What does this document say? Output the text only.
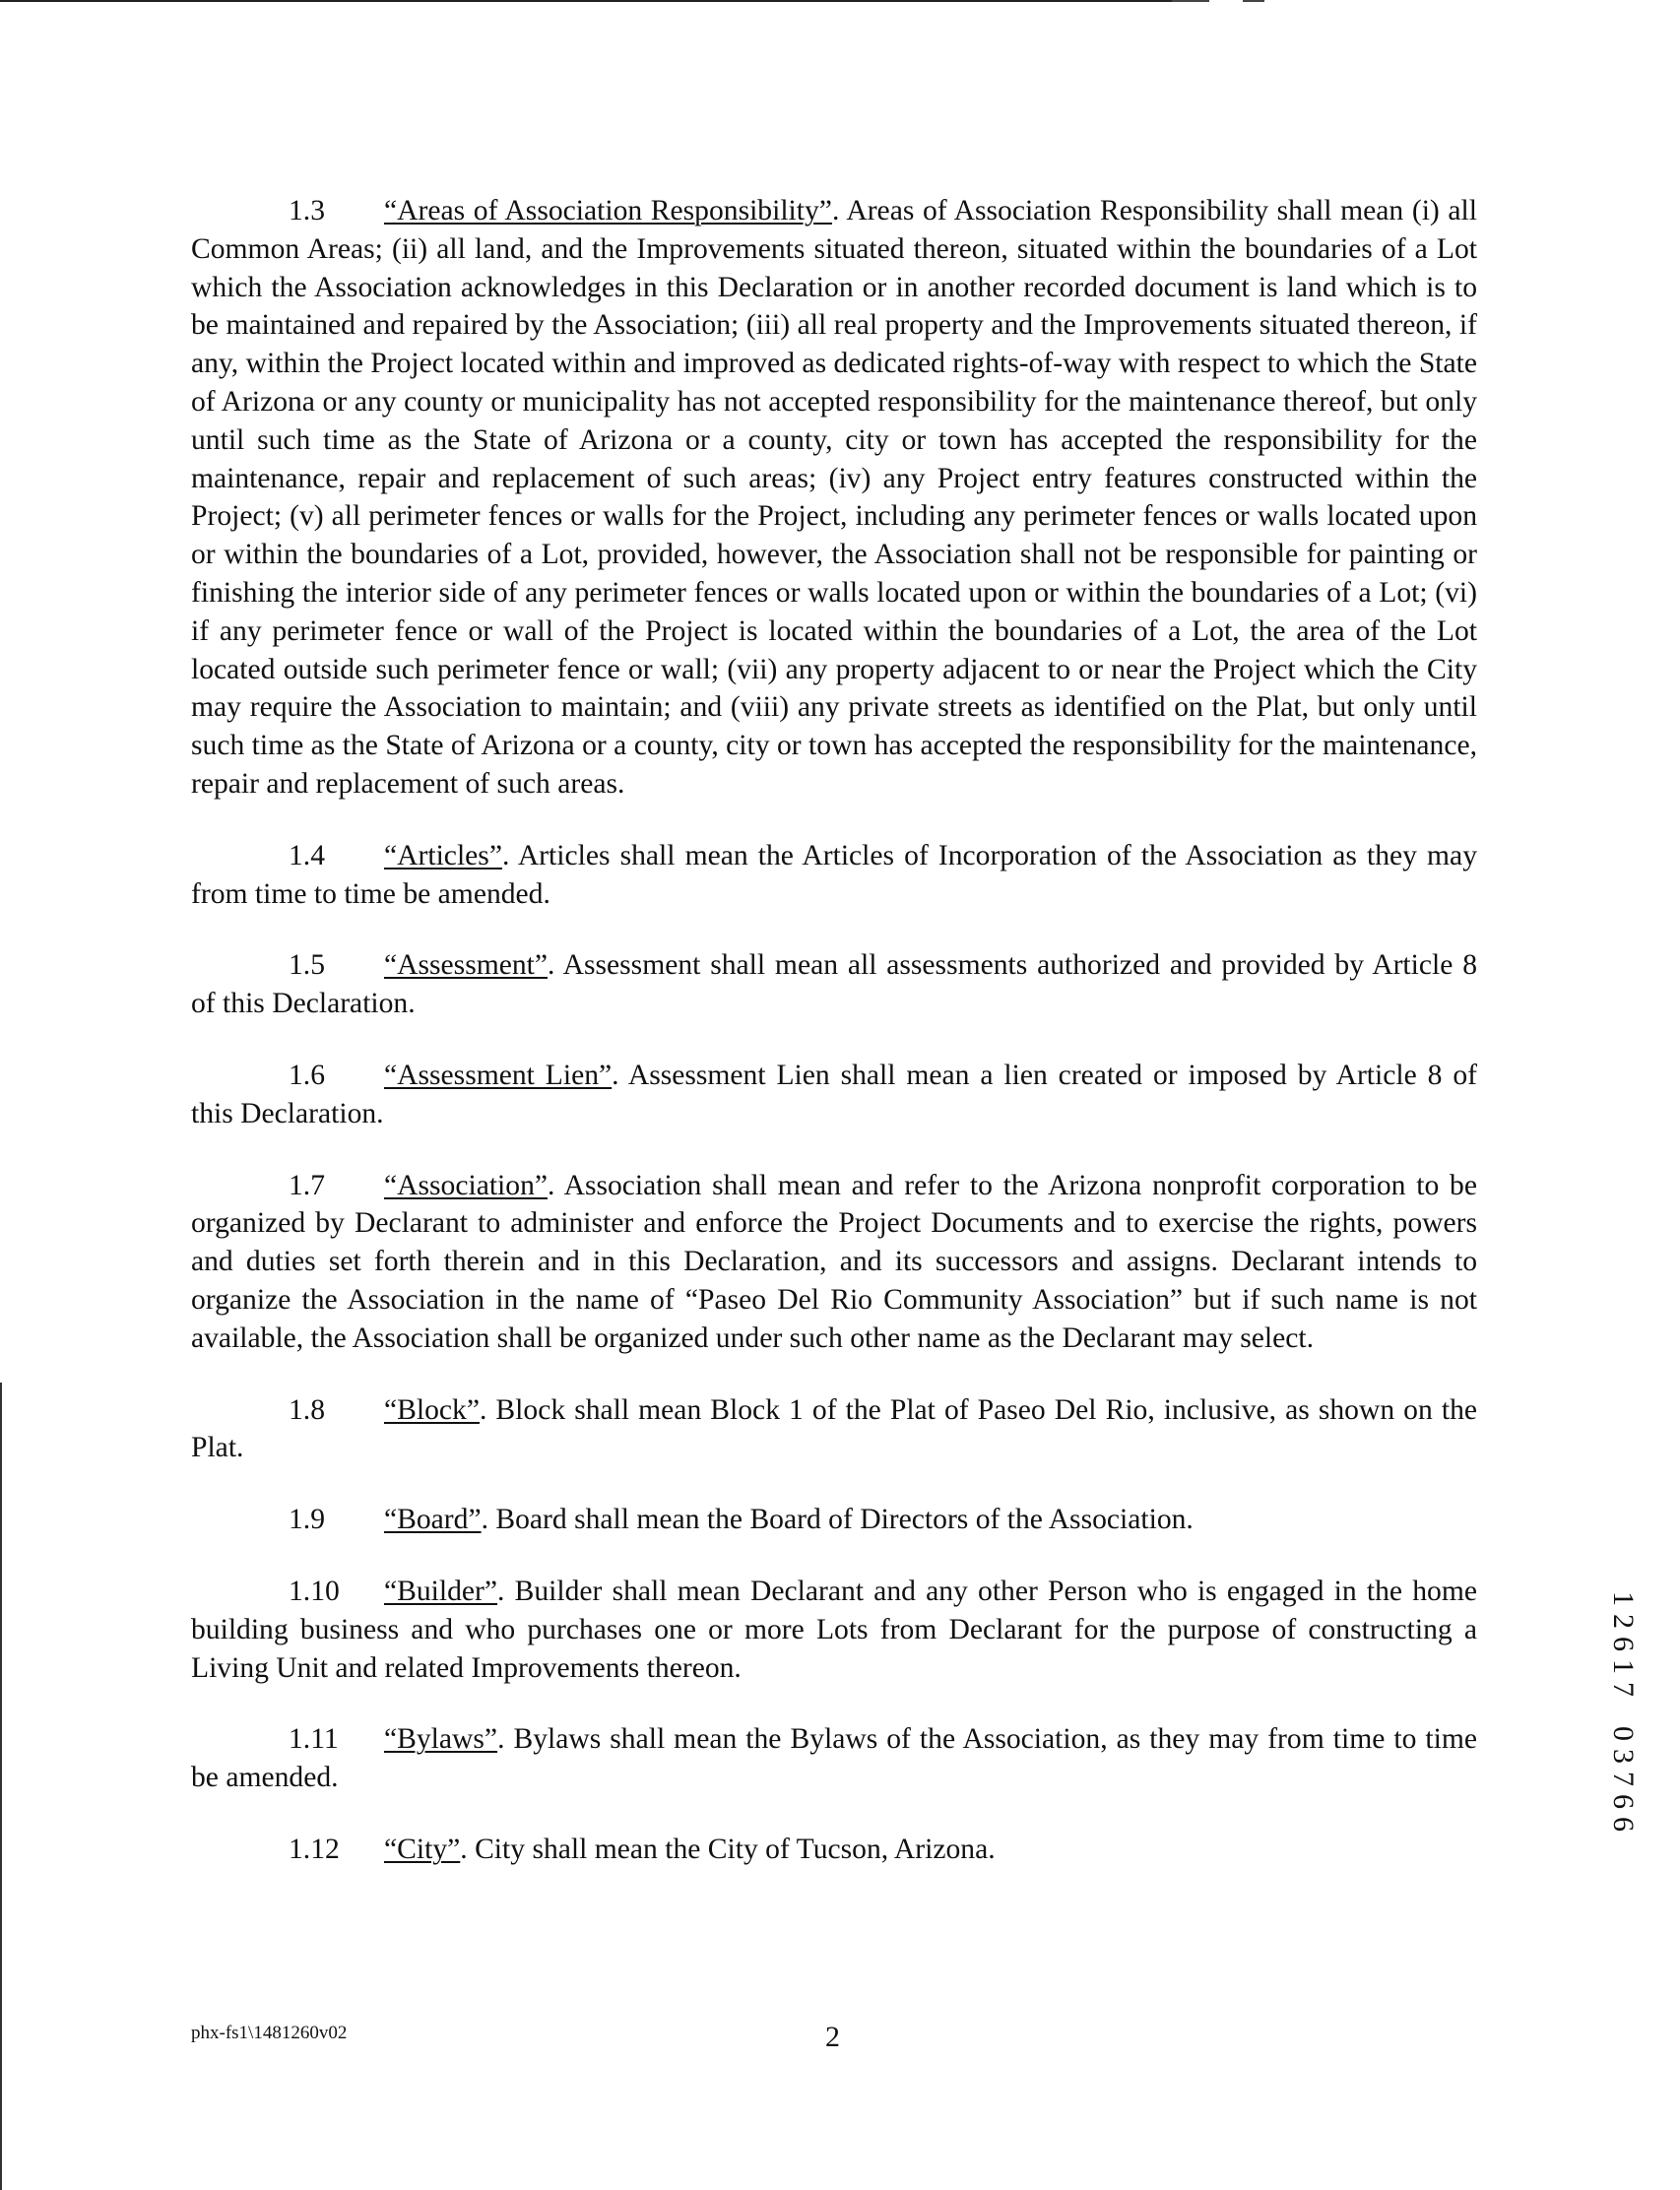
1.3 “Areas of Association Responsibility”. Areas of Association Responsibility shall mean (i) all Common Areas; (ii) all land, and the Improvements situated thereon, situated within the boundaries of a Lot which the Association acknowledges in this Declaration or in another recorded document is land which is to be maintained and repaired by the Association; (iii) all real property and the Improvements situated thereon, if any, within the Project located within and improved as dedicated rights-of-way with respect to which the State of Arizona or any county or municipality has not accepted responsibility for the maintenance thereof, but only until such time as the State of Arizona or a county, city or town has accepted the responsibility for the maintenance, repair and replacement of such areas; (iv) any Project entry features constructed within the Project; (v) all perimeter fences or walls for the Project, including any perimeter fences or walls located upon or within the boundaries of a Lot, provided, however, the Association shall not be responsible for painting or finishing the interior side of any perimeter fences or walls located upon or within the boundaries of a Lot; (vi) if any perimeter fence or wall of the Project is located within the boundaries of a Lot, the area of the Lot located outside such perimeter fence or wall; (vii) any property adjacent to or near the Project which the City may require the Association to maintain; and (viii) any private streets as identified on the Plat, but only until such time as the State of Arizona or a county, city or town has accepted the responsibility for the maintenance, repair and replacement of such areas.

1.4 “Articles”. Articles shall mean the Articles of Incorporation of the Association as they may from time to time be amended.

1.5 “Assessment”. Assessment shall mean all assessments authorized and provided by Article 8 of this Declaration.

1.6 “Assessment Lien”. Assessment Lien shall mean a lien created or imposed by Article 8 of this Declaration.

1.7 “Association”. Association shall mean and refer to the Arizona nonprofit corporation to be organized by Declarant to administer and enforce the Project Documents and to exercise the rights, powers and duties set forth therein and in this Declaration, and its successors and assigns. Declarant intends to organize the Association in the name of “Paseo Del Rio Community Association” but if such name is not available, the Association shall be organized under such other name as the Declarant may select.

1.8 “Block”. Block shall mean Block 1 of the Plat of Paseo Del Rio, inclusive, as shown on the Plat.

1.9 “Board”. Board shall mean the Board of Directors of the Association.

1.10 “Builder”. Builder shall mean Declarant and any other Person who is engaged in the home building business and who purchases one or more Lots from Declarant for the purpose of constructing a Living Unit and related Improvements thereon.

1.11 “Bylaws”. Bylaws shall mean the Bylaws of the Association, as they may from time to time be amended.

1.12 “City”. City shall mean the City of Tucson, Arizona.

phx-fs1\1481260v02	2
1
2
6
1
7
0
3
7
6
6
